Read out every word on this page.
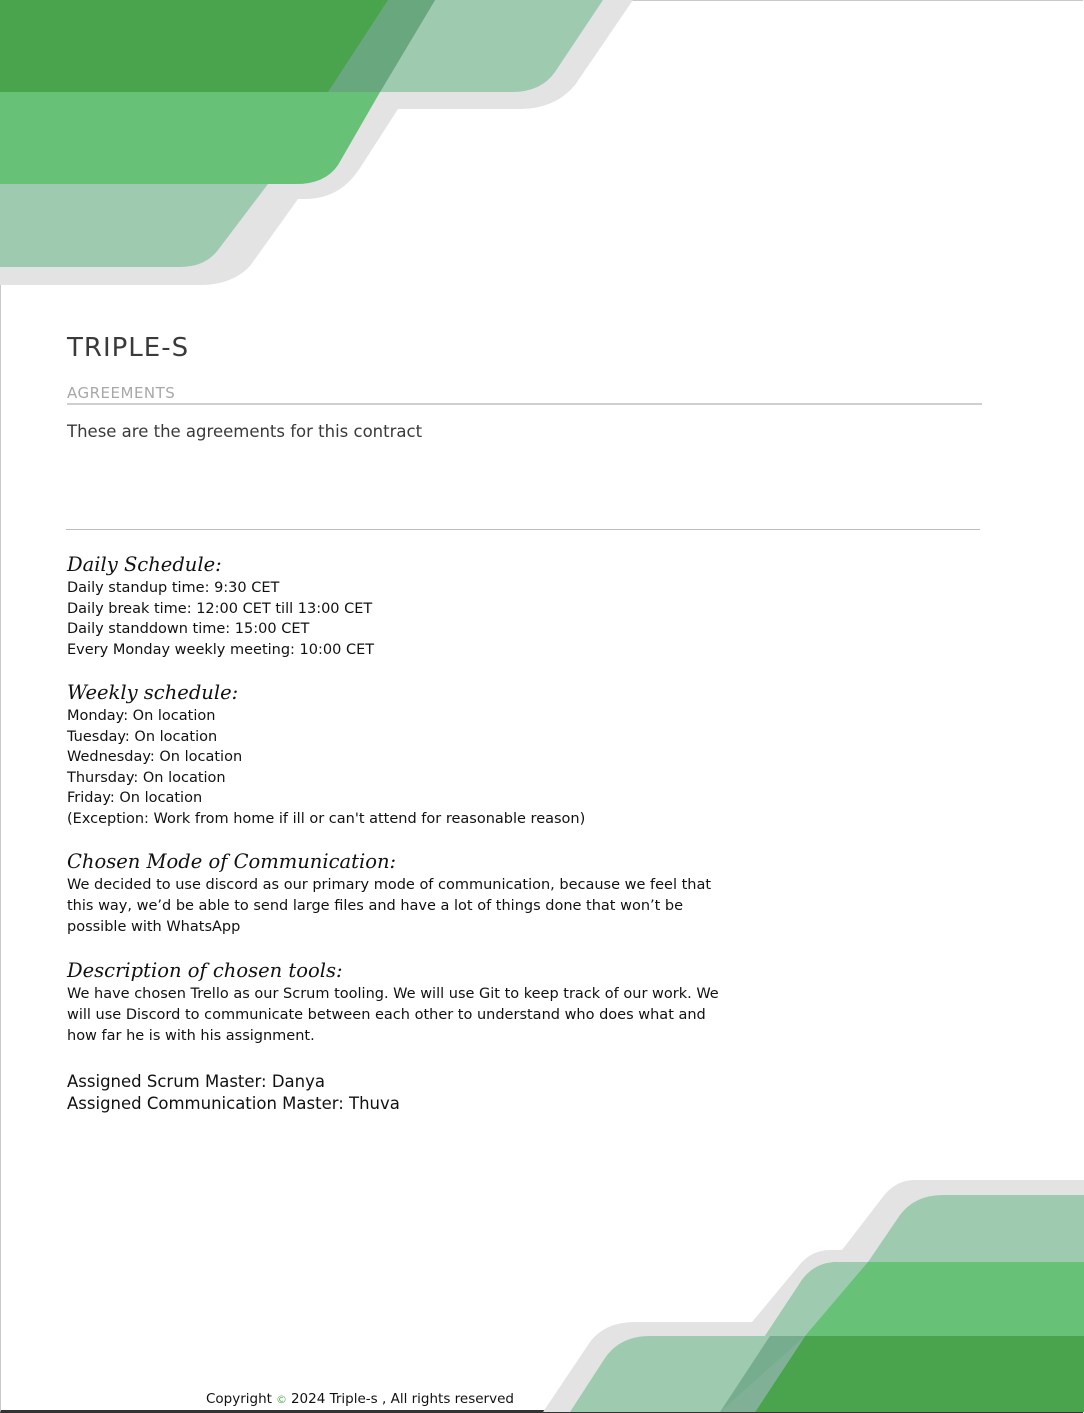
TRIPLE-S
AGREEMENTS
These are the agreements for this contract
Daily Schedule:
Daily standup time: 9:30 CET
Daily break time: 12:00 CET till 13:00 CET
Daily standdown time: 15:00 CET
Every Monday weekly meeting: 10:00 CET
Weekly schedule:
Monday: On location
Tuesday: On location
Wednesday: On location
Thursday: On location
Friday: On location
(Exception: Work from home if ill or can't attend for reasonable reason)
Chosen Mode of Communication:
We decided to use discord as our primary mode of communication, because we feel that this way, we’d be able to send large files and have a lot of things done that won’t be possible with WhatsApp
Description of chosen tools:
We have chosen Trello as our Scrum tooling. We will use Git to keep track of our work. We will use Discord to communicate between each other to understand who does what and how far he is with his assignment.
Assigned Scrum Master: Danya
Assigned Communication Master: Thuva
Copyright © 2024 Triple-s , All rights reserved
